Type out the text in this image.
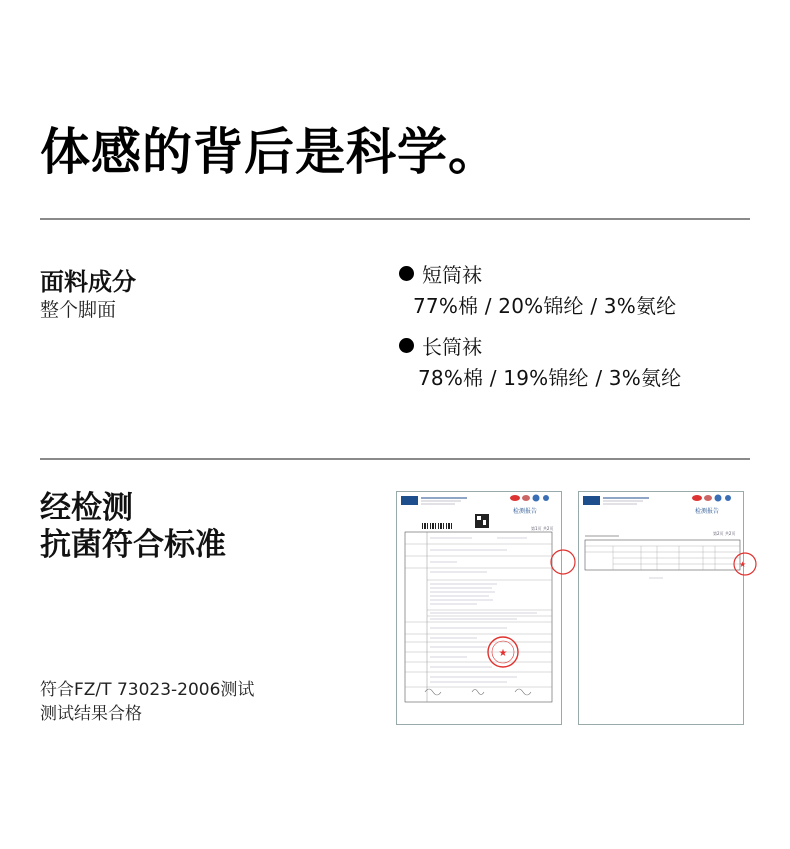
体感的背后是科学。
面料成分
整个脚面
短筒袜
77%棉 / 20%锦纶 / 3%氨纶
长筒袜
78%棉 / 19%锦纶 / 3%氨纶
经检测
抗菌符合标准
符合FZ/T 73023-2006测试
测试结果合格
★
检测报告
第1页 共2页
★
检测报告
第2页 共2页
